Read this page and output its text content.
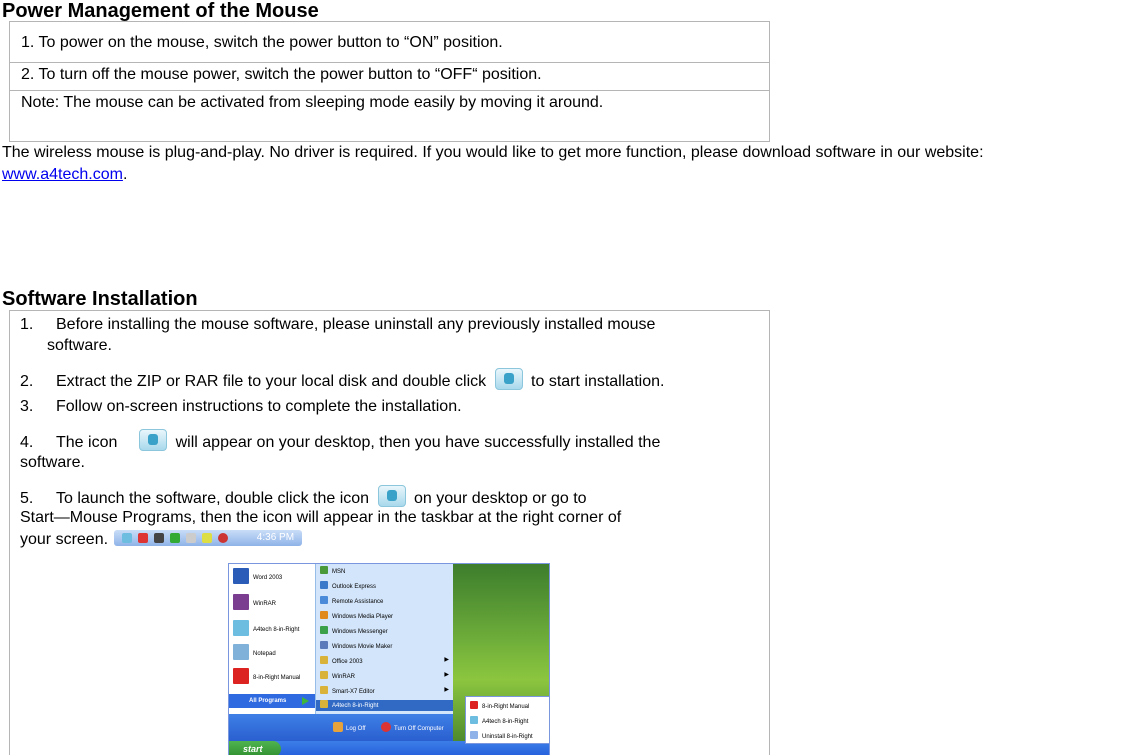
Power Management of the Mouse
1. To power on the mouse, switch the power button to “ON” position.
2. To turn off the mouse power, switch the power button to “OFF“ position.
Note: The mouse can be activated from sleeping mode easily by moving it around.
The wireless mouse is plug-and-play. No driver is required. If you would like to get more function, please download software in our website:
www.a4tech.com.
Software Installation
1. Before installing the mouse software, please uninstall any previously installed mouse
software.
2. Extract the ZIP or RAR file to your local disk and double click	to start installation.
3. Follow on-screen instructions to complete the installation.
4. The icon	will appear on your desktop, then you have successfully installed the
software.
5. To launch the software, double click the icon	on your desktop or go to
Start—Mouse Programs, then the icon will appear in the taskbar at the right corner of
your screen.	4:36 PM
Word 2003
WinRAR
A4tech 8-in-Right
Notepad
8-in-Right Manual
All Programs
MSN
Outlook Express
Remote Assistance
Windows Media Player
Windows Messenger
Windows Movie Maker
Office 2003	▶
WinRAR	▶
Smart-X7 Editor	▶
A4tech 8-in-Right
Log Off	Turn Off Computer
start
8-in-Right Manual
A4tech 8-in-Right
Uninstall 8-in-Right
